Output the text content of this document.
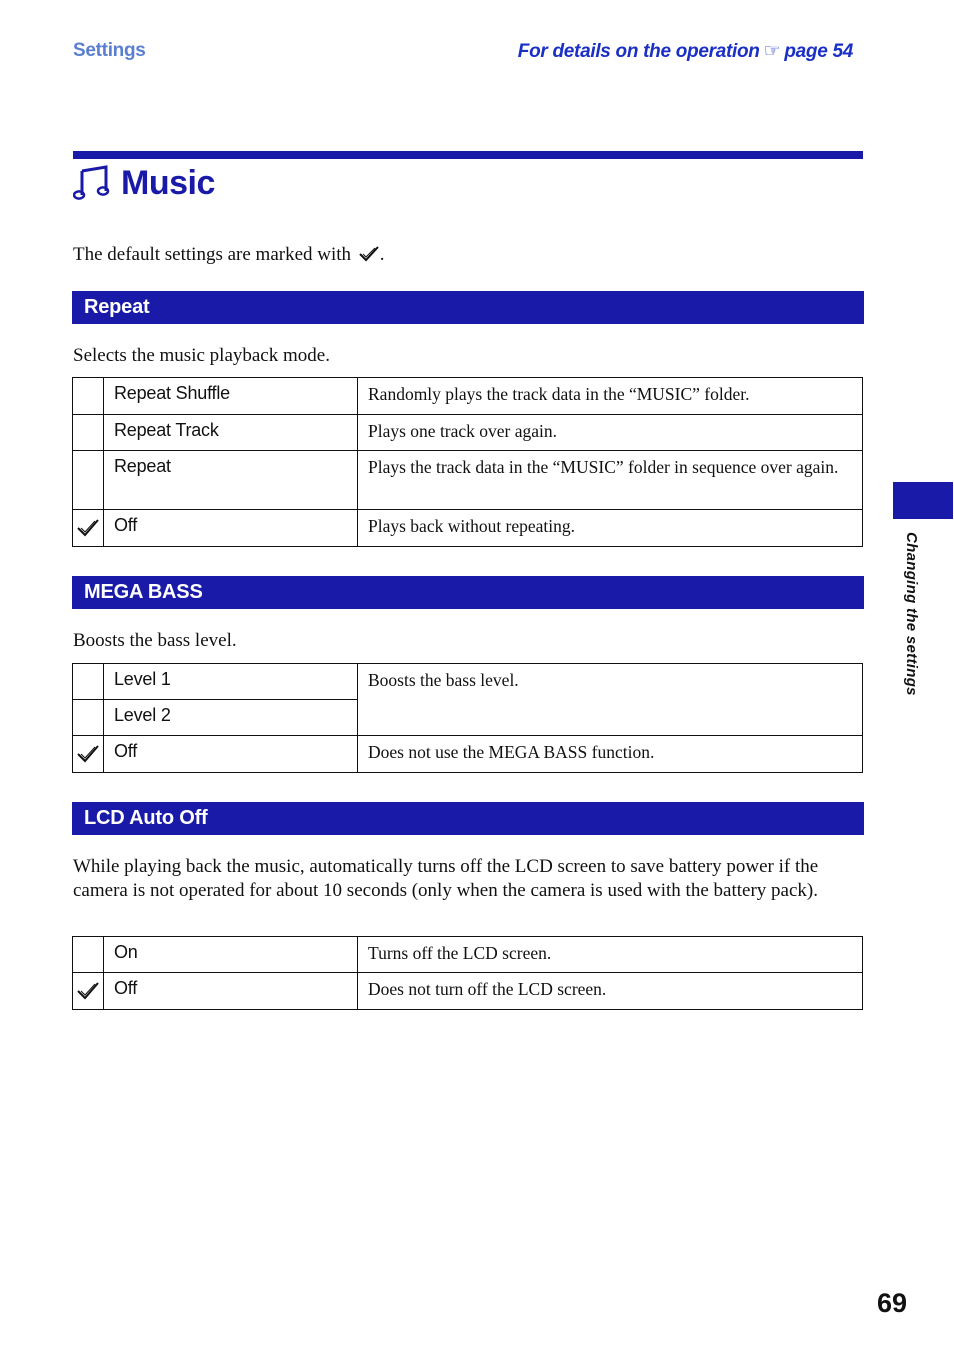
Settings	For details on the operation ☞ page 54
Music
The default settings are marked with .
Repeat
Selects the music playback mode.
	Repeat Shuffle	Randomly plays the track data in the “MUSIC” folder.
	Repeat Track	Plays one track over again.
	Repeat	Plays the track data in the “MUSIC” folder in sequence over again.

	Off	Plays back without repeating.
MEGA BASS
Boosts the bass level.
	Level 1	Boosts the bass level.
	Level 2	

	Off	Does not use the MEGA BASS function.
LCD Auto Off
While playing back the music, automatically turns off the LCD screen to save battery power if the camera is not operated for about 10 seconds (only when the camera is used with the battery pack).
	On	Turns off the LCD screen.

	Off	Does not turn off the LCD screen.
Changing the settings
69
